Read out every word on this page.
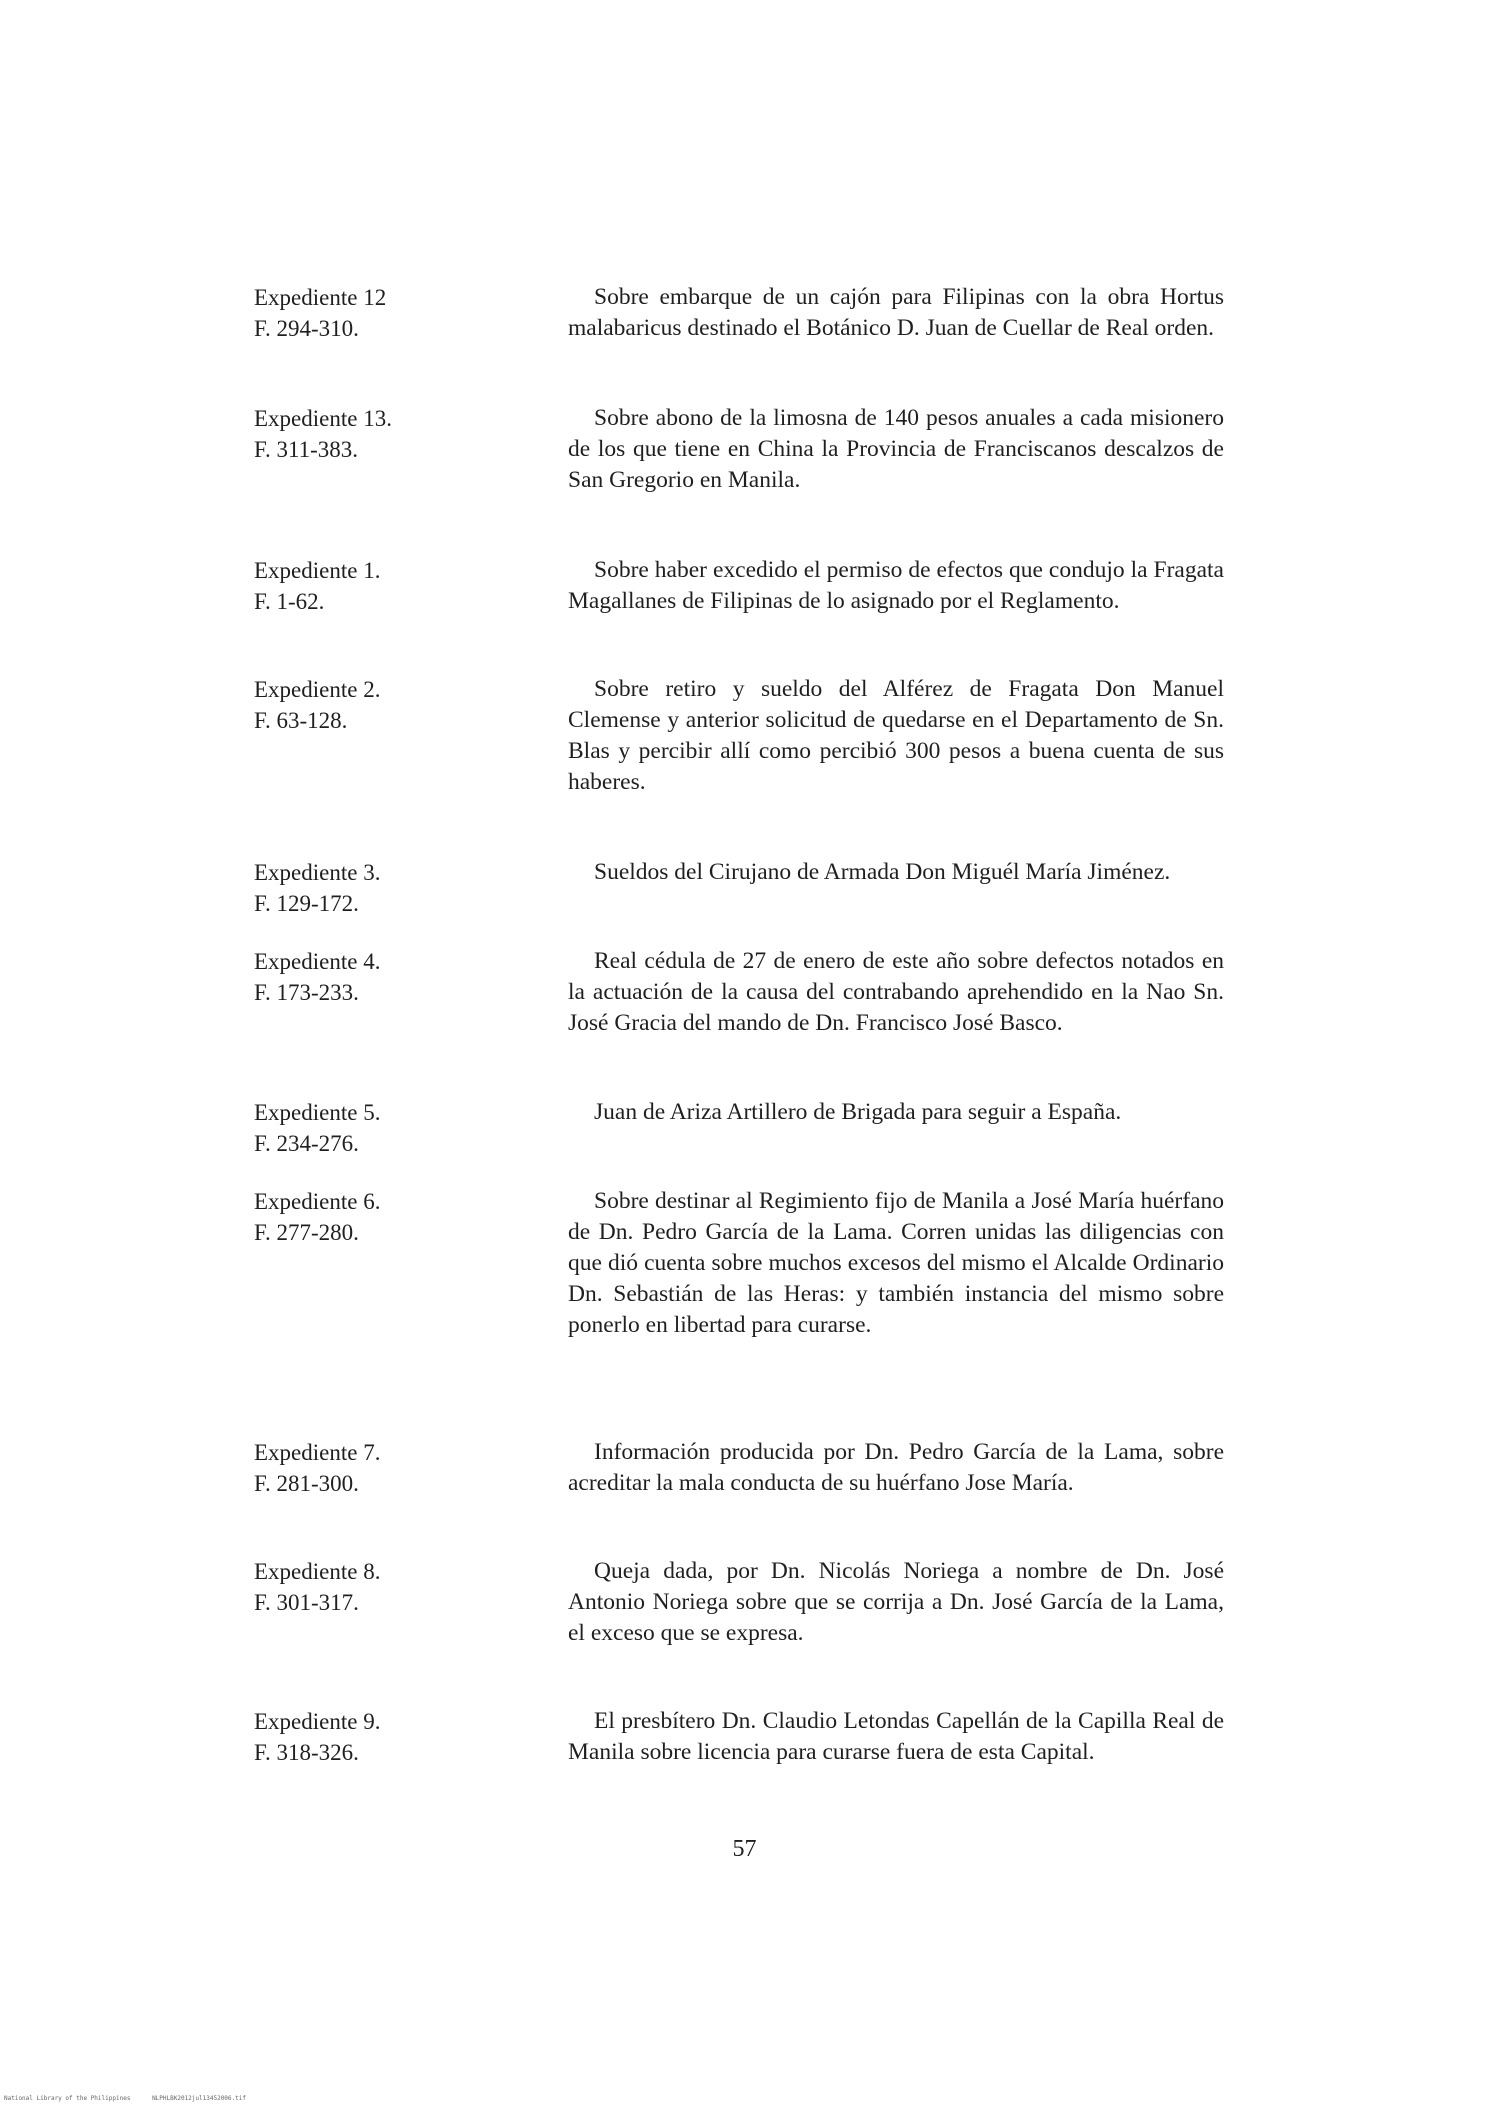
Expediente 12
F. 294-310.
Sobre embarque de un cajón para Filipinas con la obra Hortus malabaricus destinado el Botánico D. Juan de Cuellar de Real orden.
Expediente 13.
F. 311-383.
Sobre abono de la limosna de 140 pesos anuales a cada misionero de los que tiene en China la Provincia de Franciscanos descalzos de San Gregorio en Manila.
Expediente 1.
F. 1-62.
Sobre haber excedido el permiso de efectos que condujo la Fragata Magallanes de Filipinas de lo asignado por el Reglamento.
Expediente 2.
F. 63-128.
Sobre retiro y sueldo del Alférez de Fragata Don Manuel Clemense y anterior solicitud de quedarse en el Departamento de Sn. Blas y percibir allí como percibió 300 pesos a buena cuenta de sus haberes.
Expediente 3.
F. 129-172.
Sueldos del Cirujano de Armada Don Miguél María Jiménez.
Expediente 4.
F. 173-233.
Real cédula de 27 de enero de este año sobre defectos notados en la actuación de la causa del contrabando aprehendido en la Nao Sn. José Gracia del mando de Dn. Francisco José Basco.
Expediente 5.
F. 234-276.
Juan de Ariza Artillero de Brigada para seguir a España.
Expediente 6.
F. 277-280.
Sobre destinar al Regimiento fijo de Manila a José María huérfano de Dn. Pedro García de la Lama. Corren unidas las diligencias con que dió cuenta sobre muchos excesos del mismo el Alcalde Ordinario Dn. Sebastián de las Heras: y también instancia del mismo sobre ponerlo en libertad para curarse.
Expediente 7.
F. 281-300.
Información producida por Dn. Pedro García de la Lama, sobre acreditar la mala conducta de su huérfano Jose María.
Expediente 8.
F. 301-317.
Queja dada, por Dn. Nicolás Noriega a nombre de Dn. José Antonio Noriega sobre que se corrija a Dn. José García de la Lama, el exceso que se expresa.
Expediente 9.
F. 318-326.
El presbítero Dn. Claudio Letondas Capellán de la Capilla Real de Manila sobre licencia para curarse fuera de esta Capital.
57
National Library of the Philippines	NLPHLBK2012jul13452006.tif
